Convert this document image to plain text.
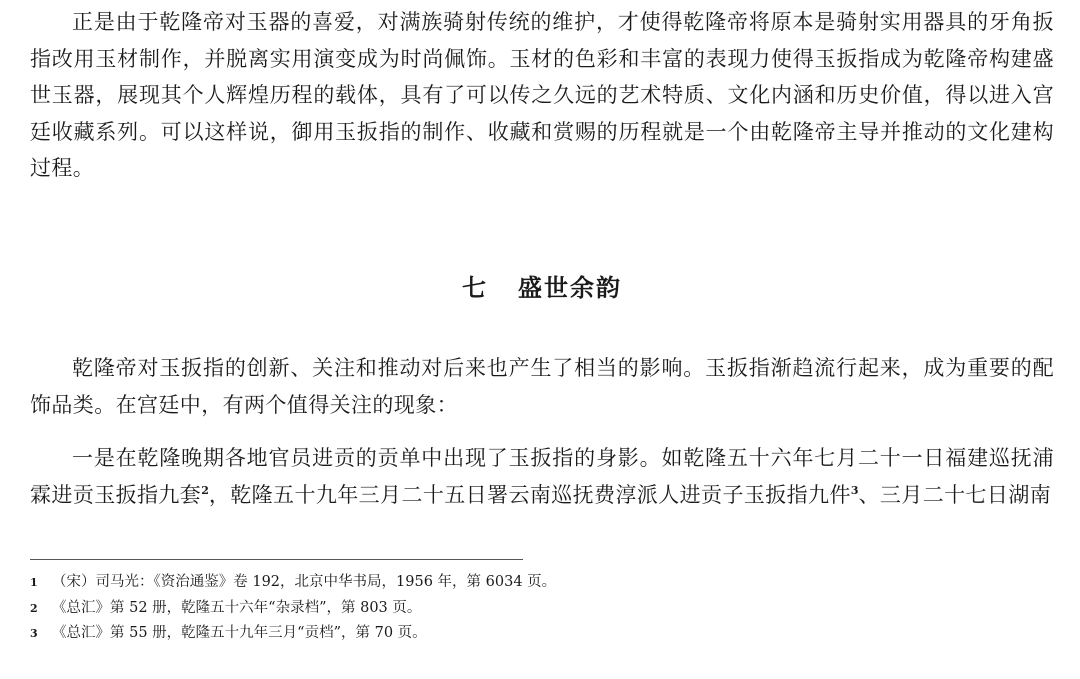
正是由于乾隆帝对玉器的喜爱，对满族骑射传统的维护，才使得乾隆帝将原本是骑射实用器具的牙角扳指改用玉材制作，并脱离实用演变成为时尚佩饰。玉材的色彩和丰富的表现力使得玉扳指成为乾隆帝构建盛世玉器，展现其个人辉煌历程的载体，具有了可以传之久远的艺术特质、文化内涵和历史价值，得以进入宫廷收藏系列。可以这样说，御用玉扳指的制作、收藏和赏赐的历程就是一个由乾隆帝主导并推动的文化建构过程。

七 盛世余韵

乾隆帝对玉扳指的创新、关注和推动对后来也产生了相当的影响。玉扳指渐趋流行起来，成为重要的配饰品类。在宫廷中，有两个值得关注的现象：

一是在乾隆晚期各地官员进贡的贡单中出现了玉扳指的身影。如乾隆五十六年七月二十一日福建巡抚浦霖进贡玉扳指九套$^2$，乾隆五十九年三月二十五日署云南巡抚费淳派人进贡子玉扳指九件$^3$、三月二十七日湖南

1 （宋）司马光：《资治通鉴》卷 192，北京中华书局，1956 年，第 6034 页。
2 《总汇》第 52 册，乾隆五十六年“杂录档”，第 803 页。
3 《总汇》第 55 册，乾隆五十九年三月“贡档”，第 70 页。
